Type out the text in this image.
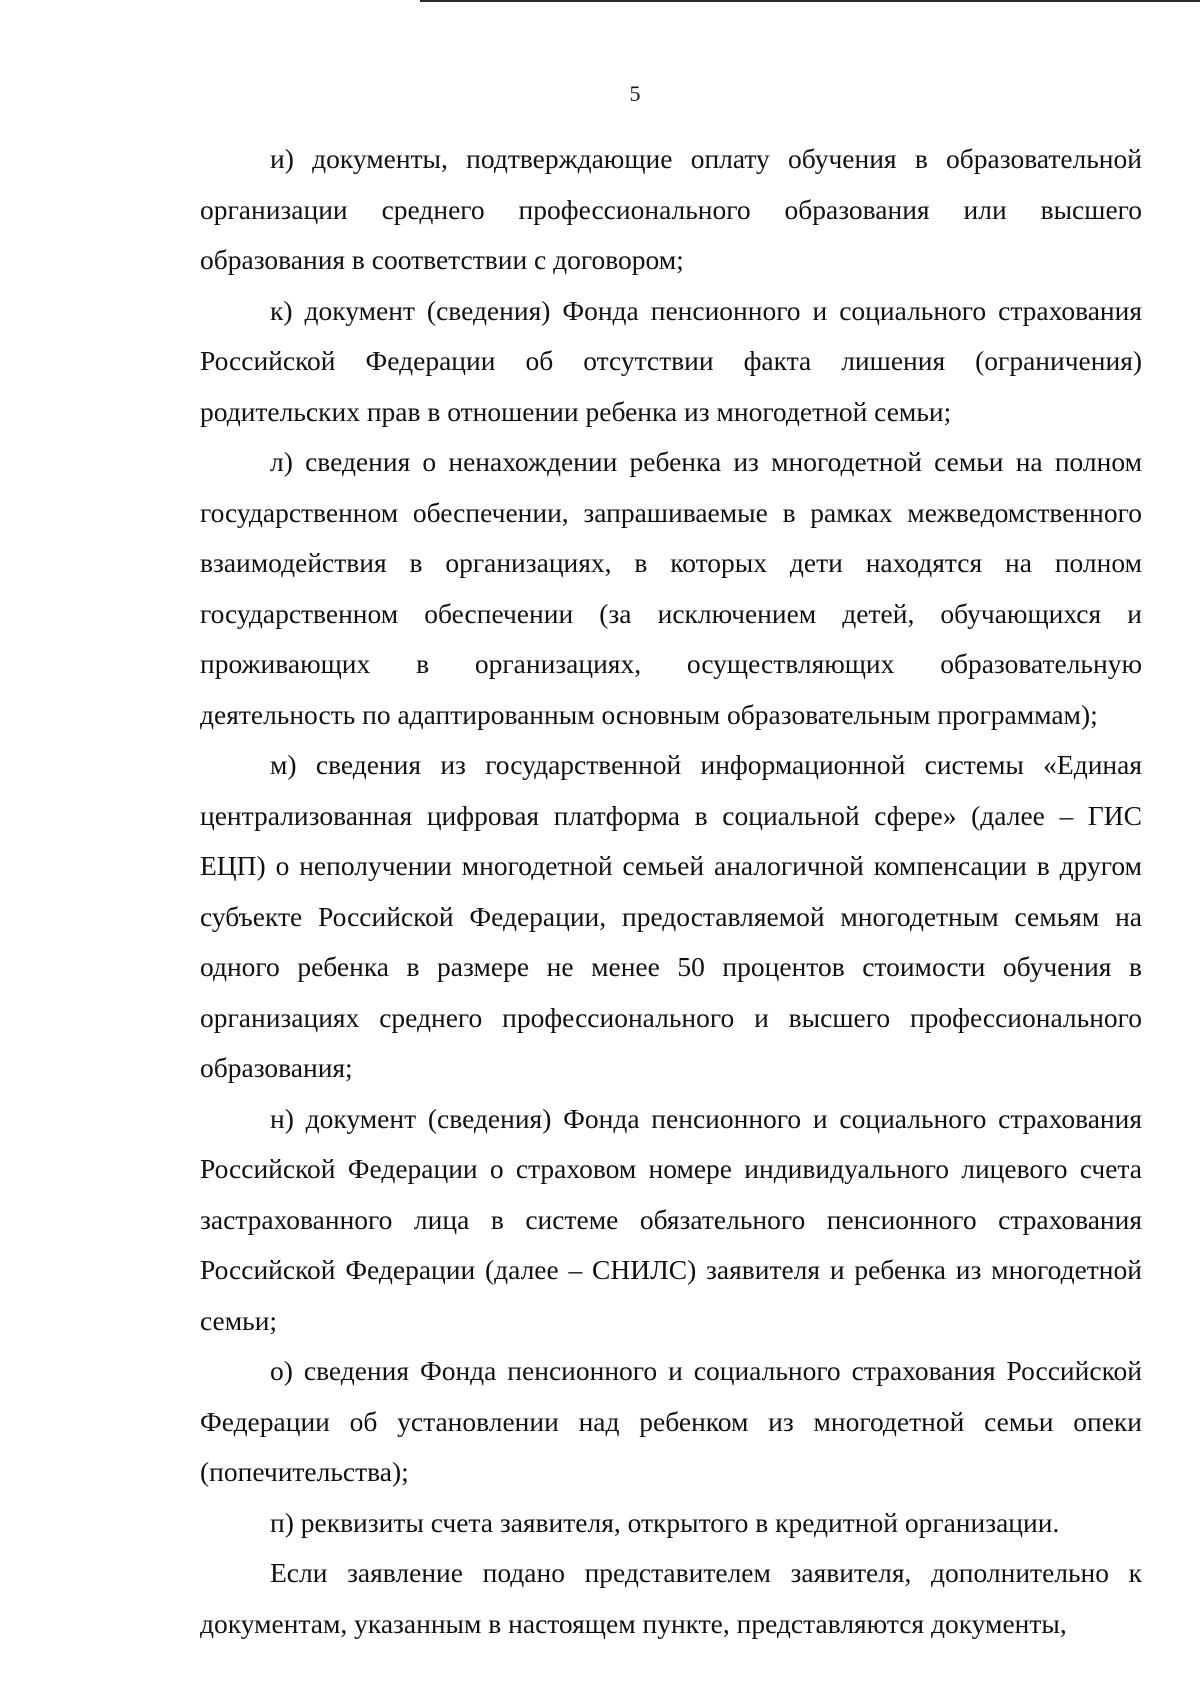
5

и) документы, подтверждающие оплату обучения в образовательной организации среднего профессионального образования или высшего образования в соответствии с договором;

к) документ (сведения) Фонда пенсионного и социального страхования Российской Федерации об отсутствии факта лишения (ограничения) родительских прав в отношении ребенка из многодетной семьи;

л) сведения о ненахождении ребенка из многодетной семьи на полном государственном обеспечении, запрашиваемые в рамках межведомственного взаимодействия в организациях, в которых дети находятся на полном государственном обеспечении (за исключением детей, обучающихся и проживающих в организациях, осуществляющих образовательную деятельность по адаптированным основным образовательным программам);

м) сведения из государственной информационной системы «Единая централизованная цифровая платформа в социальной сфере» (далее – ГИС ЕЦП) о неполучении многодетной семьей аналогичной компенсации в другом субъекте Российской Федерации, предоставляемой многодетным семьям на одного ребенка в размере не менее 50 процентов стоимости обучения в организациях среднего профессионального и высшего профессионального образования;

н) документ (сведения) Фонда пенсионного и социального страхования Российской Федерации о страховом номере индивидуального лицевого счета застрахованного лица в системе обязательного пенсионного страхования Российской Федерации (далее – СНИЛС) заявителя и ребенка из многодетной семьи;

о) сведения Фонда пенсионного и социального страхования Российской Федерации об установлении над ребенком из многодетной семьи опеки (попечительства);

п) реквизиты счета заявителя, открытого в кредитной организации.

Если заявление подано представителем заявителя, дополнительно к документам, указанным в настоящем пункте, представляются документы,
